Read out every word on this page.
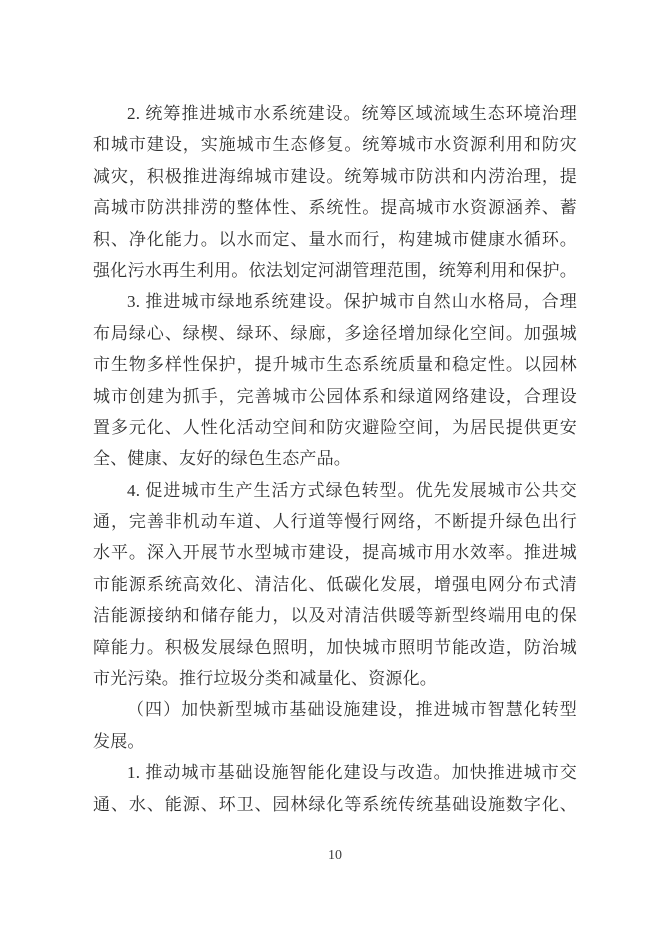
2. 统筹推进城市水系统建设。统筹区域流域生态环境治理
和城市建设，实施城市生态修复。统筹城市水资源利用和防灾
减灾，积极推进海绵城市建设。统筹城市防洪和内涝治理，提
高城市防洪排涝的整体性、系统性。提高城市水资源涵养、蓄
积、净化能力。以水而定、量水而行，构建城市健康水循环。
强化污水再生利用。依法划定河湖管理范围，统筹利用和保护。
3. 推进城市绿地系统建设。保护城市自然山水格局，合理
布局绿心、绿楔、绿环、绿廊，多途径增加绿化空间。加强城
市生物多样性保护，提升城市生态系统质量和稳定性。以园林
城市创建为抓手，完善城市公园体系和绿道网络建设，合理设
置多元化、人性化活动空间和防灾避险空间，为居民提供更安
全、健康、友好的绿色生态产品。
4. 促进城市生产生活方式绿色转型。优先发展城市公共交
通，完善非机动车道、人行道等慢行网络，不断提升绿色出行
水平。深入开展节水型城市建设，提高城市用水效率。推进城
市能源系统高效化、清洁化、低碳化发展，增强电网分布式清
洁能源接纳和储存能力，以及对清洁供暖等新型终端用电的保
障能力。积极发展绿色照明，加快城市照明节能改造，防治城
市光污染。推行垃圾分类和减量化、资源化。
（四）加快新型城市基础设施建设，推进城市智慧化转型
发展。
1. 推动城市基础设施智能化建设与改造。加快推进城市交
通、水、能源、环卫、园林绿化等系统传统基础设施数字化、
10
